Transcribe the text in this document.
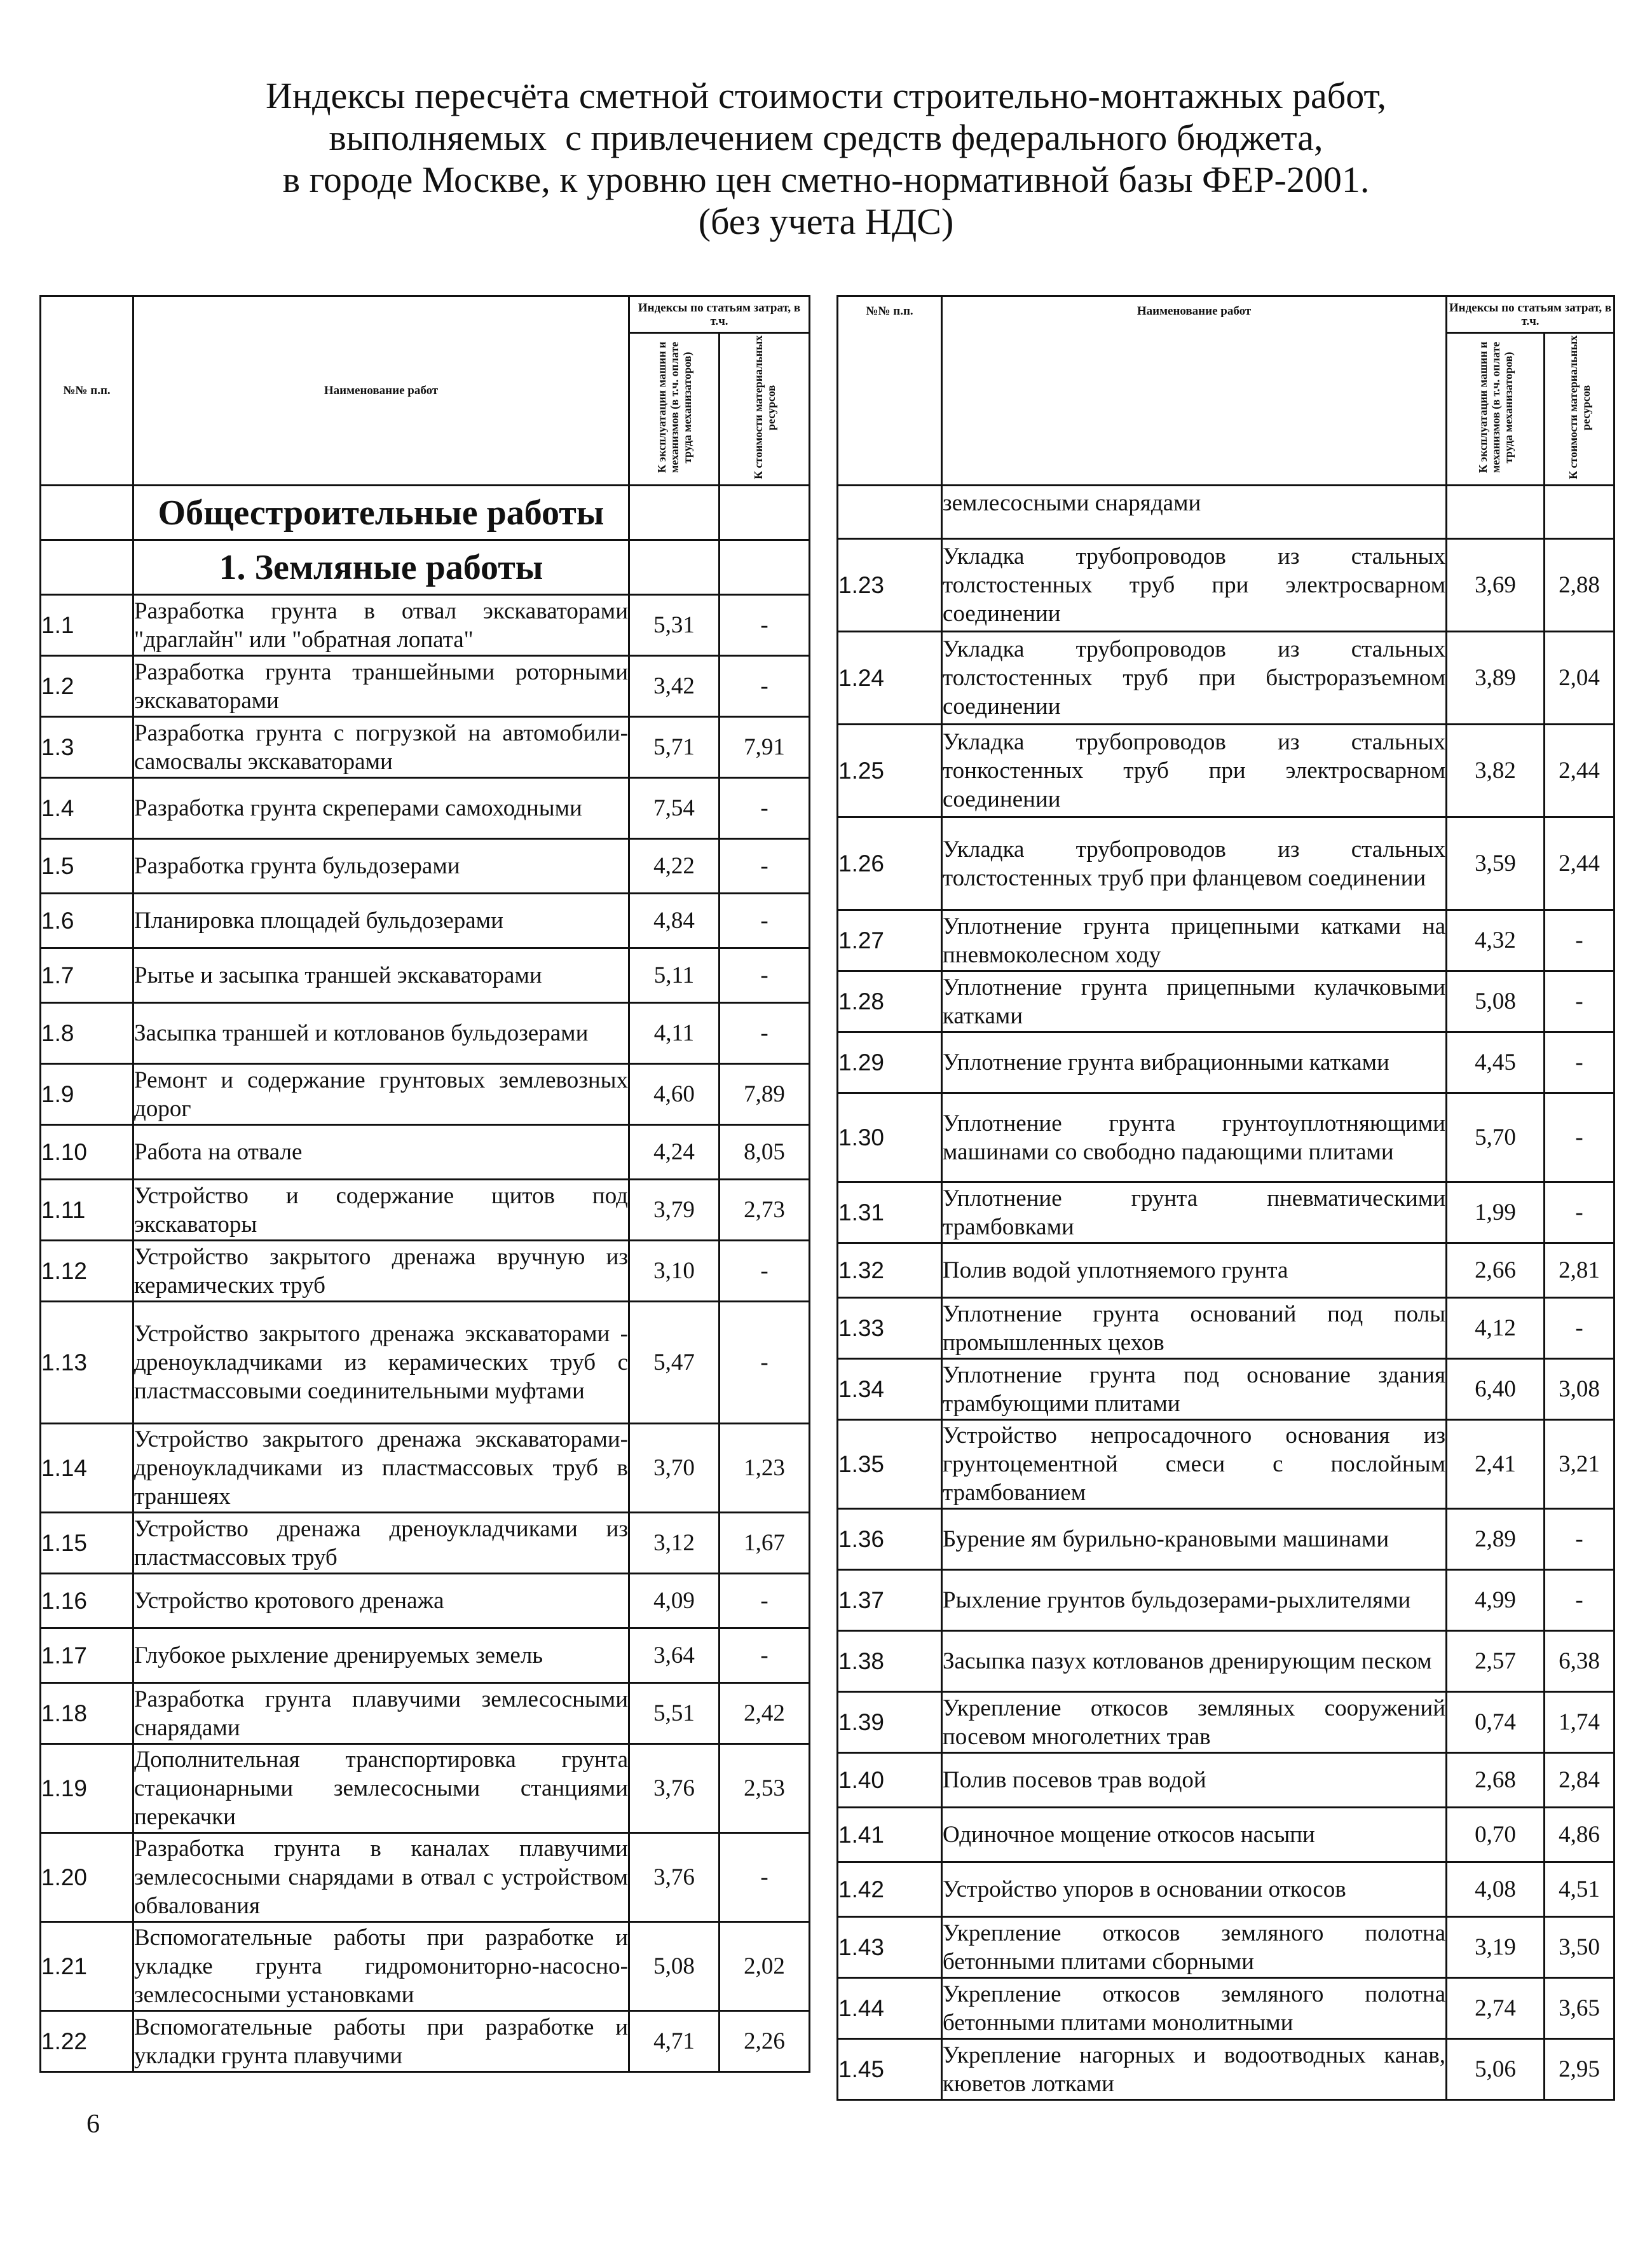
Индексы пересчёта сметной стоимости строительно-монтажных работ,
выполняемых  с привлечением средств федерального бюджета,
в городе Москве, к уровню цен сметно-нормативной базы ФЕР-2001.
(без учета НДС)
№№ п.п.	Наименование работ	Индексы по статьям затрат, в т.ч.	
		К эксплуатации машин и механизмов (в т.ч. оплате труда механизаторов)	К стоимости материальных ресурсов
	Общестроительные работы		
	1. Земляные работы		
1.1	Разработка грунта в отвал экскаваторами "драглайн" или "обратная лопата"	5,31	-
1.2	Разработка грунта траншейными роторными экскаваторами	3,42	-
1.3	Разработка грунта с погрузкой на автомобили-самосвалы экскаваторами	5,71	7,91
1.4	Разработка грунта скреперами самоходными	7,54	-
1.5	Разработка грунта бульдозерами	4,22	-
1.6	Планировка площадей бульдозерами	4,84	-
1.7	Рытье и засыпка траншей экскаваторами	5,11	-
1.8	Засыпка траншей и котлованов бульдозерами	4,11	-
1.9	Ремонт и содержание грунтовых землевозных дорог	4,60	7,89
1.10	Работа на отвале	4,24	8,05
1.11	Устройство и содержание щитов под экскаваторы	3,79	2,73
1.12	Устройство закрытого дренажа вручную из керамических труб	3,10	-
1.13	Устройство закрытого дренажа экскаваторами - дреноукладчиками из керамических труб с пластмассовыми соединительными муфтами	5,47	-
1.14	Устройство закрытого дренажа экскаваторами-дреноукладчиками из пластмассовых труб в траншеях	3,70	1,23
1.15	Устройство дренажа дреноукладчиками из пластмассовых труб	3,12	1,67
1.16	Устройство кротового дренажа	4,09	-
1.17	Глубокое рыхление дренируемых земель	3,64	-
1.18	Разработка грунта плавучими землесосными снарядами	5,51	2,42
1.19	Дополнительная транспортировка грунта стационарными землесосными станциями перекачки	3,76	2,53
1.20	Разработка грунта в каналах плавучими землесосными снарядами в отвал с устройством обвалования	3,76	-
1.21	Вспомогательные работы при разработке и укладке грунта гидромониторно-насосно-землесосными установками	5,08	2,02
1.22	Вспомогательные работы при разработке и укладки грунта плавучими	4,71	2,26
№№ п.п.	Наименование работ	Индексы по статьям затрат, в т.ч.	
		К эксплуатации машин и механизмов (в т.ч. оплате труда механизаторов)	К стоимости материальных ресурсов
	землесосными снарядами		
1.23	Укладка трубопроводов из стальных толстостенных труб при электросварном соединении	3,69	2,88
1.24	Укладка трубопроводов из стальных толстостенных труб при быстроразъемном соединении	3,89	2,04
1.25	Укладка трубопроводов из стальных тонкостенных труб при электросварном соединении	3,82	2,44
1.26	Укладка трубопроводов из стальных толстостенных труб при фланцевом соединении	3,59	2,44
1.27	Уплотнение грунта прицепными катками на пневмоколесном ходу	4,32	-
1.28	Уплотнение грунта прицепными кулачковыми катками	5,08	-
1.29	Уплотнение грунта вибрационными катками	4,45	-
1.30	Уплотнение грунта грунтоуплотняющими машинами со свободно падающими плитами	5,70	-
1.31	Уплотнение грунта пневматическими трамбовками	1,99	-
1.32	Полив водой уплотняемого грунта	2,66	2,81
1.33	Уплотнение грунта оснований под полы промышленных цехов	4,12	-
1.34	Уплотнение грунта под основание здания трамбующими плитами	6,40	3,08
1.35	Устройство непросадочного основания из грунтоцементной смеси с послойным трамбованием	2,41	3,21
1.36	Бурение ям бурильно-крановыми машинами	2,89	-
1.37	Рыхление грунтов бульдозерами-рыхлителями	4,99	-
1.38	Засыпка пазух котлованов дренирующим песком	2,57	6,38
1.39	Укрепление откосов земляных сооружений посевом многолетних трав	0,74	1,74
1.40	Полив посевов трав водой	2,68	2,84
1.41	Одиночное мощение откосов насыпи	0,70	4,86
1.42	Устройство упоров в основании откосов	4,08	4,51
1.43	Укрепление откосов земляного полотна бетонными плитами сборными	3,19	3,50
1.44	Укрепление откосов земляного полотна бетонными плитами монолитными	2,74	3,65
1.45	Укрепление нагорных и водоотводных канав, кюветов лотками	5,06	2,95
6
